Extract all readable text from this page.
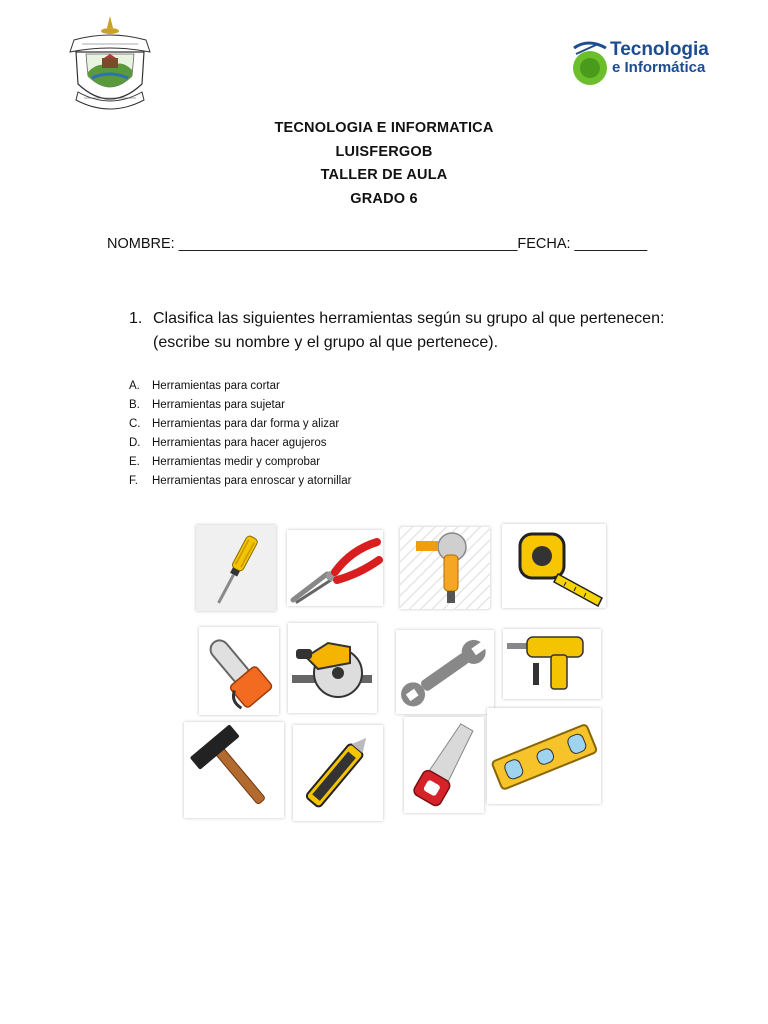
Tecnologia
e Informática
TECNOLOGIA E INFORMATICA
LUISFERGOB
TALLER DE AULA
GRADO 6
NOMBRE: __________________________________________FECHA: _________
1. Clasifica las siguientes herramientas según su grupo al que pertenecen:
(escribe su nombre y el grupo al que pertenece).
A. Herramientas para cortar
B. Herramientas para sujetar
C. Herramientas para dar forma y alizar
D. Herramientas para hacer agujeros
E. Herramientas medir y comprobar
F. Herramientas para enroscar y atornillar
